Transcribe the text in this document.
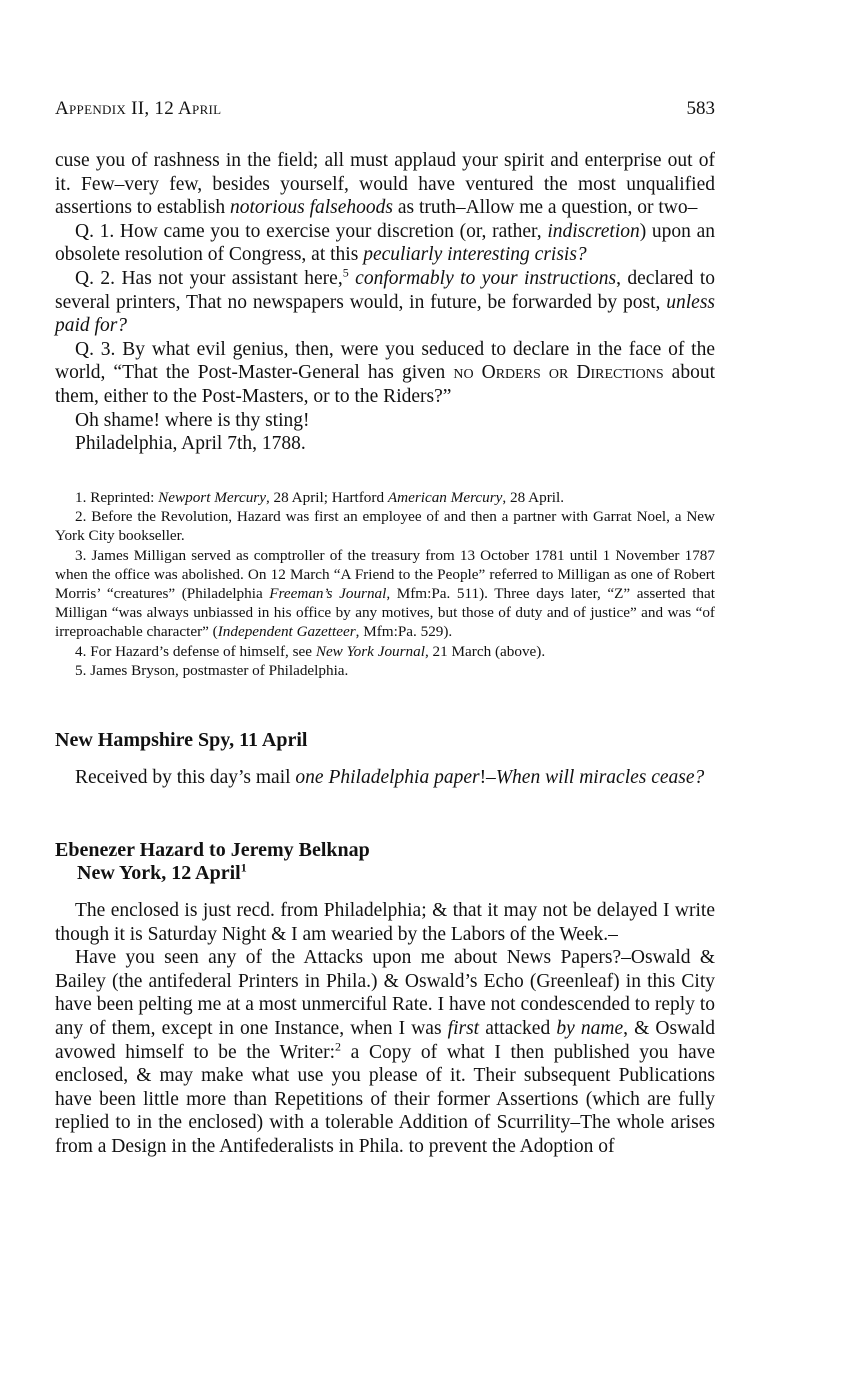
Appendix II, 12 April	583

cuse you of rashness in the field; all must applaud your spirit and enterprise out of it. Few–very few, besides yourself, would have ventured the most unqualified assertions to establish notorious falsehoods as truth–Allow me a question, or two–

Q. 1. How came you to exercise your discretion (or, rather, indiscretion) upon an obsolete resolution of Congress, at this peculiarly interesting crisis?

Q. 2. Has not your assistant here,$^5$ conformably to your instructions, declared to several printers, That no newspapers would, in future, be forwarded by post, unless paid for?

Q. 3. By what evil genius, then, were you seduced to declare in the face of the world, “That the Post-Master-General has given no Orders or Directions about them, either to the Post-Masters, or to the Riders?”

Oh shame! where is thy sting!

Philadelphia, April 7th, 1788.

1. Reprinted: Newport Mercury, 28 April; Hartford American Mercury, 28 April.

2. Before the Revolution, Hazard was first an employee of and then a partner with Garrat Noel, a New York City bookseller.

3. James Milligan served as comptroller of the treasury from 13 October 1781 until 1 November 1787 when the office was abolished. On 12 March “A Friend to the People” referred to Milligan as one of Robert Morris’ “creatures” (Philadelphia Freeman’s Journal, Mfm:Pa. 511). Three days later, “Z” asserted that Milligan “was always unbiassed in his office by any motives, but those of duty and of justice” and was “of irreproachable character” (Independent Gazetteer, Mfm:Pa. 529).

4. For Hazard’s defense of himself, see New York Journal, 21 March (above).

5. James Bryson, postmaster of Philadelphia.

New Hampshire Spy, 11 April

Received by this day’s mail one Philadelphia paper!–When will miracles cease?

Ebenezer Hazard to Jeremy Belknap
New York, 12 April$^1$

The enclosed is just recd. from Philadelphia; & that it may not be delayed I write though it is Saturday Night & I am wearied by the Labors of the Week.–

Have you seen any of the Attacks upon me about News Papers?–Oswald & Bailey (the antifederal Printers in Phila.) & Oswald’s Echo (Greenleaf) in this City have been pelting me at a most unmerciful Rate. I have not condescended to reply to any of them, except in one Instance, when I was first attacked by name, & Oswald avowed himself to be the Writer:$^2$ a Copy of what I then published you have enclosed, & may make what use you please of it. Their subsequent Publications have been little more than Repetitions of their former Assertions (which are fully replied to in the enclosed) with a tolerable Addition of Scurrility–The whole arises from a Design in the Antifederalists in Phila. to prevent the Adoption of
